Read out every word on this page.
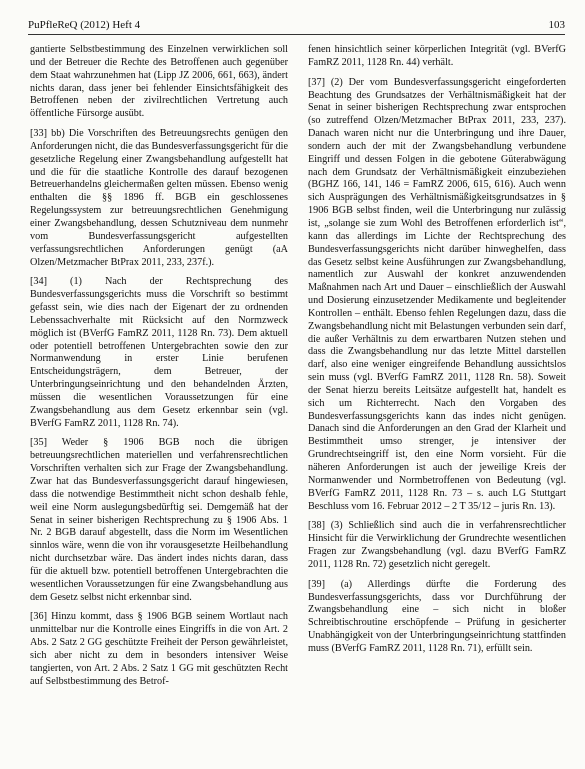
PuPfleReQ (2012) Heft 4	103

gantierte Selbstbestimmung des Einzelnen verwirklichen soll und der Betreuer die Rechte des Betroffenen auch gegenüber dem Staat wahrzunehmen hat (Lipp JZ 2006, 661, 663), ändert nichts daran, dass jener bei fehlender Einsichtsfähigkeit des Betroffenen neben der zivilrechtlichen Vertretung auch öffentliche Fürsorge ausübt.

[33] bb) Die Vorschriften des Betreuungsrechts genügen den Anforderungen nicht, die das Bundesverfassungsgericht für die gesetzliche Regelung einer Zwangsbehandlung aufgestellt hat und die für die staatliche Kontrolle des darauf bezogenen Betreuerhandelns gleichermaßen gelten müssen. Ebenso wenig enthalten die §§ 1896 ff. BGB ein geschlossenes Regelungssystem zur betreuungsrechtlichen Genehmigung einer Zwangsbehandlung, dessen Schutzniveau dem nunmehr vom Bundesverfassungsgericht aufgestellten verfassungsrechtlichen Anforderungen genügt (aA Olzen/Metzmacher BtPrax 2011, 233, 237f.).

[34] (1) Nach der Rechtsprechung des Bundesverfassungsgerichts muss die Vorschrift so bestimmt gefasst sein, wie dies nach der Eigenart der zu ordnenden Lebenssachverhalte mit Rücksicht auf den Normzweck möglich ist (BVerfG FamRZ 2011, 1128 Rn. 73). Dem aktuell oder potentiell betroffenen Untergebrachten sowie den zur Normanwendung in erster Linie berufenen Entscheidungsträgern, dem Betreuer, der Unterbringungseinrichtung und den behandelnden Ärzten, müssen die wesentlichen Voraussetzungen für eine Zwangsbehandlung aus dem Gesetz erkennbar sein (vgl. BVerfG FamRZ 2011, 1128 Rn. 74).

[35] Weder § 1906 BGB noch die übrigen betreuungsrechtlichen materiellen und verfahrensrechtlichen Vorschriften verhalten sich zur Frage der Zwangsbehandlung. Zwar hat das Bundesverfassungsgericht darauf hingewiesen, dass die notwendige Bestimmtheit nicht schon deshalb fehle, weil eine Norm auslegungsbedürftig sei. Demgemäß hat der Senat in seiner bisherigen Rechtsprechung zu § 1906 Abs. 1 Nr. 2 BGB darauf abgestellt, dass die Norm im Wesentlichen sinnlos wäre, wenn die von ihr vorausgesetzte Heilbehandlung nicht durchsetzbar wäre. Das ändert indes nichts daran, dass für die aktuell bzw. potentiell betroffenen Untergebrachten die wesentlichen Voraussetzungen für eine Zwangsbehandlung aus dem Gesetz selbst nicht erkennbar sind.

[36] Hinzu kommt, dass § 1906 BGB seinem Wortlaut nach unmittelbar nur die Kontrolle eines Eingriffs in die von Art. 2 Abs. 2 Satz 2 GG geschützte Freiheit der Person gewährleistet, sich aber nicht zu dem in besonders intensiver Weise tangierten, von Art. 2 Abs. 2 Satz 1 GG mit geschützten Recht auf Selbstbestimmung des Betrof-

fenen hinsichtlich seiner körperlichen Integrität (vgl. BVerfG FamRZ 2011, 1128 Rn. 44) verhält.

[37] (2) Der vom Bundesverfassungsgericht eingeforderten Beachtung des Grundsatzes der Verhältnismäßigkeit hat der Senat in seiner bisherigen Rechtsprechung zwar entsprochen (so zutreffend Olzen/Metzmacher BtPrax 2011, 233, 237). Danach waren nicht nur die Unterbringung und ihre Dauer, sondern auch der mit der Zwangsbehandlung verbundene Eingriff und dessen Folgen in die gebotene Güterabwägung nach dem Grundsatz der Verhältnismäßigkeit einzubeziehen (BGHZ 166, 141, 146 = FamRZ 2006, 615, 616). Auch wenn sich Ausprägungen des Verhältnismäßigkeitsgrundsatzes in § 1906 BGB selbst finden, weil die Unterbringung nur zulässig ist, „solange sie zum Wohl des Betroffenen erforderlich ist“, kann das allerdings im Lichte der Rechtsprechung des Bundesverfassungsgerichts nicht darüber hinweghelfen, dass das Gesetz selbst keine Ausführungen zur Zwangsbehandlung, namentlich zur Auswahl der konkret anzuwendenden Maßnahmen nach Art und Dauer – einschließlich der Auswahl und Dosierung einzusetzender Medikamente und begleitender Kontrollen – enthält. Ebenso fehlen Regelungen dazu, dass die Zwangsbehandlung nicht mit Belastungen verbunden sein darf, die außer Verhältnis zu dem erwartbaren Nutzen stehen und dass die Zwangsbehandlung nur das letzte Mittel darstellen darf, also eine weniger eingreifende Behandlung aussichtslos sein muss (vgl. BVerfG FamRZ 2011, 1128 Rn. 58). Soweit der Senat hierzu bereits Leitsätze aufgestellt hat, handelt es sich um Richterrecht. Nach den Vorgaben des Bundesverfassungsgerichts kann das indes nicht genügen. Danach sind die Anforderungen an den Grad der Klarheit und Bestimmtheit umso strenger, je intensiver der Grundrechtseingriff ist, den eine Norm vorsieht. Für die näheren Anforderungen ist auch der jeweilige Kreis der Normanwender und Normbetroffenen von Bedeutung (vgl. BVerfG FamRZ 2011, 1128 Rn. 73 – s. auch LG Stuttgart Beschluss vom 16. Februar 2012 – 2 T 35/12 – juris Rn. 13).

[38] (3) Schließlich sind auch die in verfahrensrechtlicher Hinsicht für die Verwirklichung der Grundrechte wesentlichen Fragen zur Zwangsbehandlung (vgl. dazu BVerfG FamRZ 2011, 1128 Rn. 72) gesetzlich nicht geregelt.

[39] (a) Allerdings dürfte die Forderung des Bundesverfassungsgerichts, dass vor Durchführung der Zwangsbehandlung eine – sich nicht in bloßer Schreibtischroutine erschöpfende – Prüfung in gesicherter Unabhängigkeit von der Unterbringungseinrichtung stattfinden muss (BVerfG FamRZ 2011, 1128 Rn. 71), erfüllt sein.
